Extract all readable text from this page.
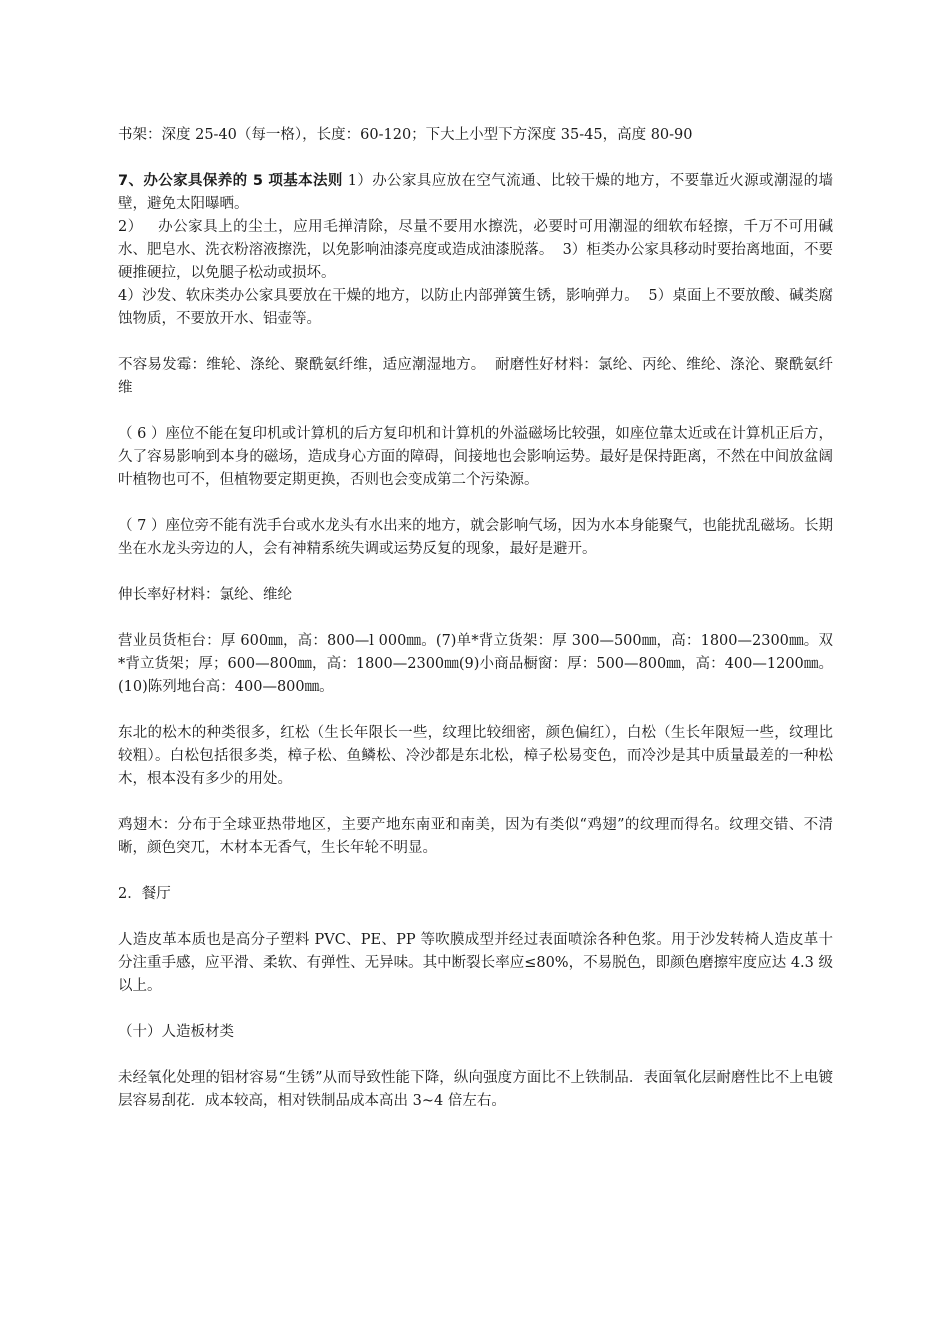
书架：深度 25-40（每一格），长度：60-120；下大上小型下方深度 35-45，高度 80-90

7、办公家具保养的 5 项基本法则 1）办公家具应放在空气流通、比较干燥的地方，不要靠近火源或潮湿的墙壁，避免太阳曝晒。

2）   办公家具上的尘土，应用毛掸清除，尽量不要用水擦洗，必要时可用潮湿的细软布轻擦，千万不可用碱水、肥皂水、洗衣粉溶液擦洗，以免影响油漆亮度或造成油漆脱落。  3）柜类办公家具移动时要抬离地面，不要硬推硬拉，以免腿子松动或损坏。

4）沙发、软床类办公家具要放在干燥的地方，以防止内部弹簧生锈，影响弹力。  5）桌面上不要放酸、碱类腐蚀物质，不要放开水、铝壶等。

不容易发霉：维轮、涤纶、聚酰氨纤维，适应潮湿地方。  耐磨性好材料：氯纶、丙纶、维纶、涤沦、聚酰氨纤维

（ 6 ）座位不能在复印机或计算机的后方复印机和计算机的外溢磁场比较强，如座位靠太近或在计算机正后方，久了容易影响到本身的磁场，造成身心方面的障碍，间接地也会影响运势。最好是保持距离，不然在中间放盆阔叶植物也可不，但植物要定期更换，否则也会变成第二个污染源。

（ 7 ）座位旁不能有洗手台或水龙头有水出来的地方，就会影响气场，因为水本身能聚气，也能扰乱磁场。长期坐在水龙头旁边的人，会有神精系统失调或运势反复的现象，最好是避开。

伸长率好材料：氯纶、维纶

营业员货柜台：厚 600㎜，高：800—l 000㎜。(7)单*背立货架：厚 300—500㎜，高：1800—2300㎜。双*背立货架；厚；600—800㎜，高：1800—2300㎜(9)小商品橱窗：厚：500—800㎜，高：400—1200㎜。(10)陈列地台高：400—800㎜。

东北的松木的种类很多，红松（生长年限长一些，纹理比较细密，颜色偏红），白松（生长年限短一些，纹理比较粗）。白松包括很多类，樟子松、鱼鳞松、冷沙都是东北松，樟子松易变色，而冷沙是其中质量最差的一种松木，根本没有多少的用处。

鸡翅木：分布于全球亚热带地区，主要产地东南亚和南美，因为有类似“鸡翅”的纹理而得名。纹理交错、不清晰，颜色突兀，木材本无香气，生长年轮不明显。

2．餐厅

人造皮革本质也是高分子塑料 PVC、PE、PP 等吹膜成型并经过表面喷涂各种色浆。用于沙发转椅人造皮革十分注重手感，应平滑、柔软、有弹性、无异味。其中断裂长率应≤80%，不易脱色，即颜色磨擦牢度应达 4.3 级以上。

（十）人造板材类

未经氧化处理的铝材容易“生锈”从而导致性能下降，纵向强度方面比不上铁制品．表面氧化层耐磨性比不上电镀层容易刮花．成本较高，相对铁制品成本高出 3~4 倍左右。
